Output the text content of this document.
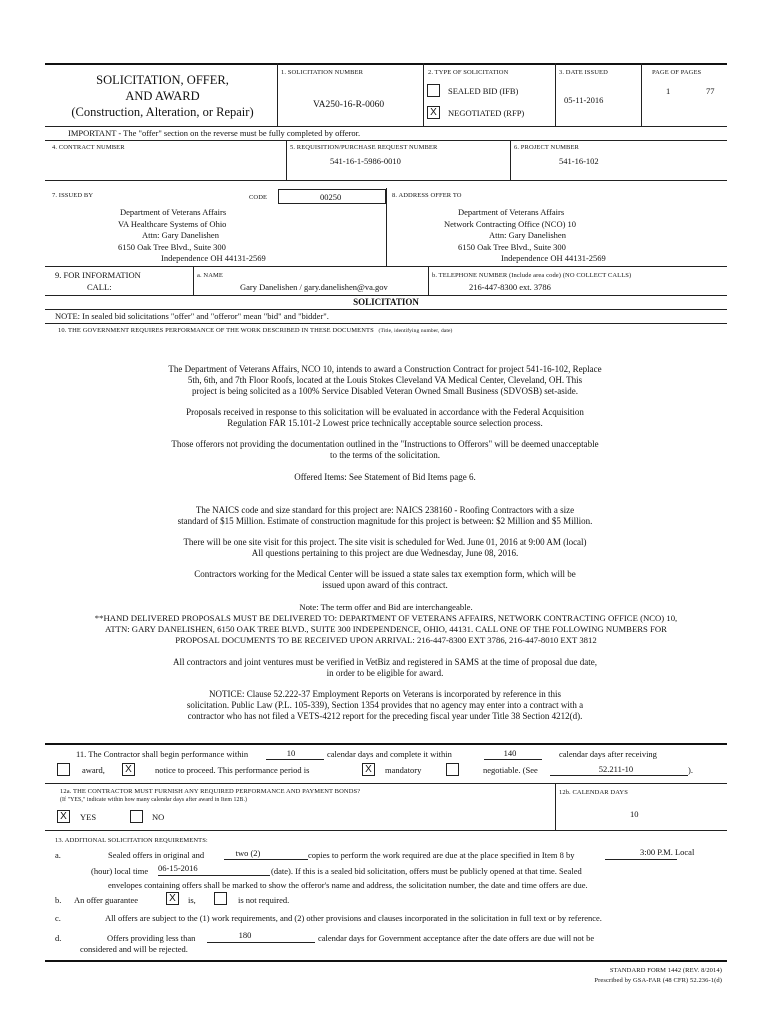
SOLICITATION, OFFER,
AND AWARD
(Construction, Alteration, or Repair)
1. SOLICITATION NUMBER
VA250-16-R-0060
2. TYPE OF SOLICITATION
SEALED BID (IFB)
X	NEGOTIATED (RFP)
3. DATE ISSUED
05-11-2016
PAGE OF PAGES
1	77
IMPORTANT - The "offer" section on the reverse must be fully completed by offeror.
4. CONTRACT NUMBER	5. REQUISITION/PURCHASE REQUEST NUMBER
541-16-1-5986-0010
6. PROJECT NUMBER
541-16-102
7. ISSUED BY	CODE	00250	8. ADDRESS OFFER TO
Department of Veterans Affairs
VA Healthcare Systems of Ohio
Attn: Gary Danelishen
6150 Oak Tree Blvd., Suite 300
Independence OH 44131-2569
Department of Veterans Affairs
Network Contracting Office (NCO) 10
Attn: Gary Danelishen
6150 Oak Tree Blvd., Suite 300
Independence OH 44131-2569
9. FOR INFORMATION
CALL:
a. NAME
Gary Danelishen / gary.danelishen@va.gov
b. TELEPHONE NUMBER (Include area code) (NO COLLECT CALLS)
216-447-8300 ext. 3786
SOLICITATION
NOTE: In sealed bid solicitations "offer" and "offeror" mean "bid" and "bidder".
10. THE GOVERNMENT REQUIRES PERFORMANCE OF THE WORK DESCRIBED IN THESE DOCUMENTS (Title, identifying number, date)

The Department of Veterans Affairs, NCO 10, intends to award a Construction Contract for project 541-16-102, Replace

5th, 6th, and 7th Floor Roofs, located at the Louis Stokes Cleveland VA Medical Center, Cleveland, OH. This

project is being solicited as a 100% Service Disabled Veteran Owned Small Business (SDVOSB) set-aside.

Proposals received in response to this solicitation will be evaluated in accordance with the Federal Acquisition

Regulation FAR 15.101-2 Lowest price technically acceptable source selection process.

Those offerors not providing the documentation outlined in the "Instructions to Offerors" will be deemed unacceptable

to the terms of the solicitation.

Offered Items: See Statement of Bid Items page 6.

The NAICS code and size standard for this project are: NAICS 238160 - Roofing Contractors with a size

standard of $15 Million. Estimate of construction magnitude for this project is between: $2 Million and $5 Million.

There will be one site visit for this project. The site visit is scheduled for Wed. June 01, 2016 at 9:00 AM (local)

All questions pertaining to this project are due Wednesday, June 08, 2016.

Contractors working for the Medical Center will be issued a state sales tax exemption form, which will be

issued upon award of this contract.

Note: The term offer and Bid are interchangeable.

**HAND DELIVERED PROPOSALS MUST BE DELIVERED TO: DEPARTMENT OF VETERANS AFFAIRS, NETWORK CONTRACTING OFFICE (NCO) 10,

ATTN: GARY DANELISHEN, 6150 OAK TREE BLVD., SUITE 300 INDEPENDENCE, OHIO, 44131. CALL ONE OF THE FOLLOWING NUMBERS FOR

PROPOSAL DOCUMENTS TO BE RECEIVED UPON ARRIVAL: 216-447-8300 EXT 3786, 216-447-8010 EXT 3812

All contractors and joint ventures must be verified in VetBiz and registered in SAMS at the time of proposal due date,

in order to be eligible for award.

NOTICE: Clause 52.222-37 Employment Reports on Veterans is incorporated by reference in this

solicitation. Public Law (P.L. 105-339), Section 1354 provides that no agency may enter into a contract with a

contractor who has not filed a VETS-4212 report for the preceding fiscal year under Title 38 Section 4212(d).

11. The Contractor shall begin performance within	10	calendar days and complete it within	140	calendar days after receiving
award,	X	notice to proceed. This performance period is	X	mandatory	negotiable. (See	52.211-10	).
12a. THE CONTRACTOR MUST FURNISH ANY REQUIRED PERFORMANCE AND PAYMENT BONDS?
(If "YES," indicate within how many calendar days after award in Item 12B.)
X	YES	NO
12b. CALENDAR DAYS
10
13. ADDITIONAL SOLICITATION REQUIREMENTS:
a.	Sealed offers in original and	two (2)	copies to perform the work required are due at the place specified in Item 8 by	3:00 P.M. Local
(hour) local time 06-15-2016	(date). If this is a sealed bid solicitation, offers must be publicly opened at that time. Sealed
envelopes containing offers shall be marked to show the offeror's name and address, the solicitation number, the date and time offers are due.
b. An offer guarantee	X	is,	is not required.
c.	All offers are subject to the (1) work requirements, and (2) other provisions and clauses incorporated in the solicitation in full text or by reference.
d.	Offers providing less than	180	calendar days for Government acceptance after the date offers are due will not be
considered and will be rejected.
STANDARD FORM 1442 (REV. 8/2014)
Prescribed by GSA-FAR (48 CFR) 52.236-1(d)
